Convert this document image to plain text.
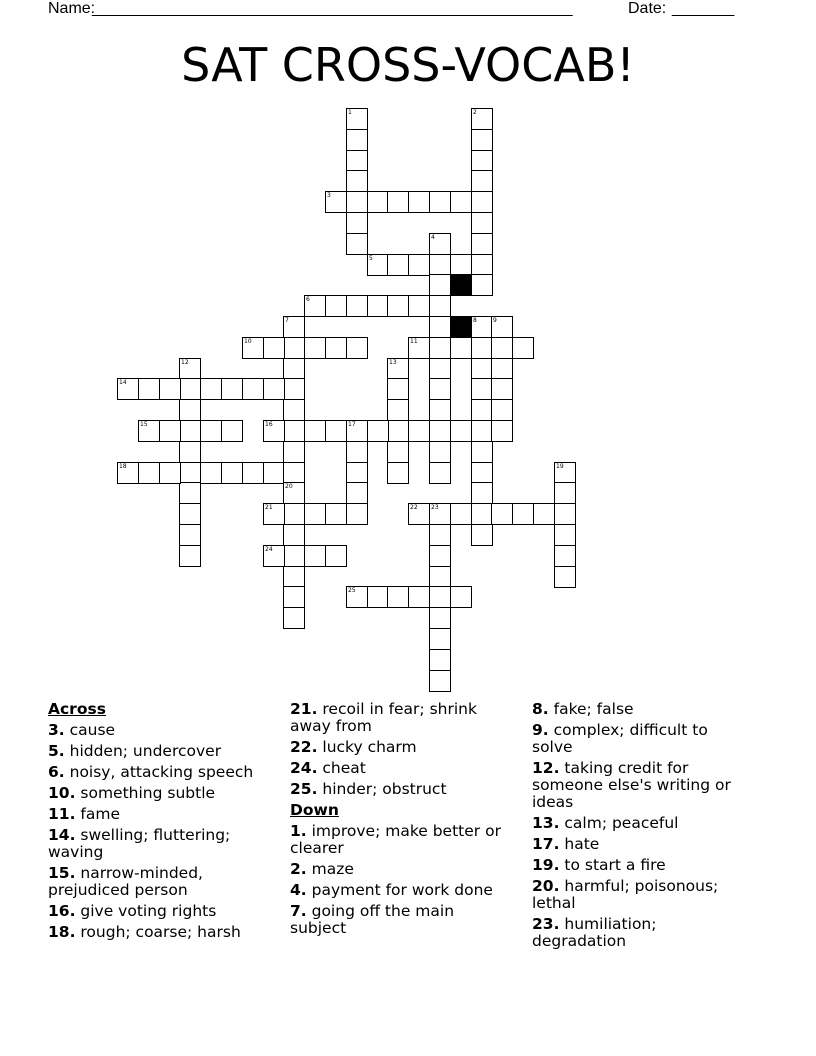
Name:
______________________________________________________	Date: _______
SAT CROSS-VOCAB!
1	2
3
4
5
6
7	8	9
10	11
12	13
14
15	16	17
18	19
20
21	22 23
24
25
Across
3. cause
5. hidden; undercover
6. noisy, attacking speech
10. something subtle
11. fame
14. swelling; fluttering; waving
15. narrow-minded, prejudiced person
16. give voting rights
18. rough; coarse; harsh
21. recoil in fear; shrink away from
22. lucky charm
24. cheat
25. hinder; obstruct
Down
1. improve; make better or clearer
2. maze
4. payment for work done
7. going off the main subject
8. fake; false
9. complex; difficult to solve
12. taking credit for someone else's writing or ideas
13. calm; peaceful
17. hate
19. to start a fire
20. harmful; poisonous; lethal
23. humiliation; degradation
